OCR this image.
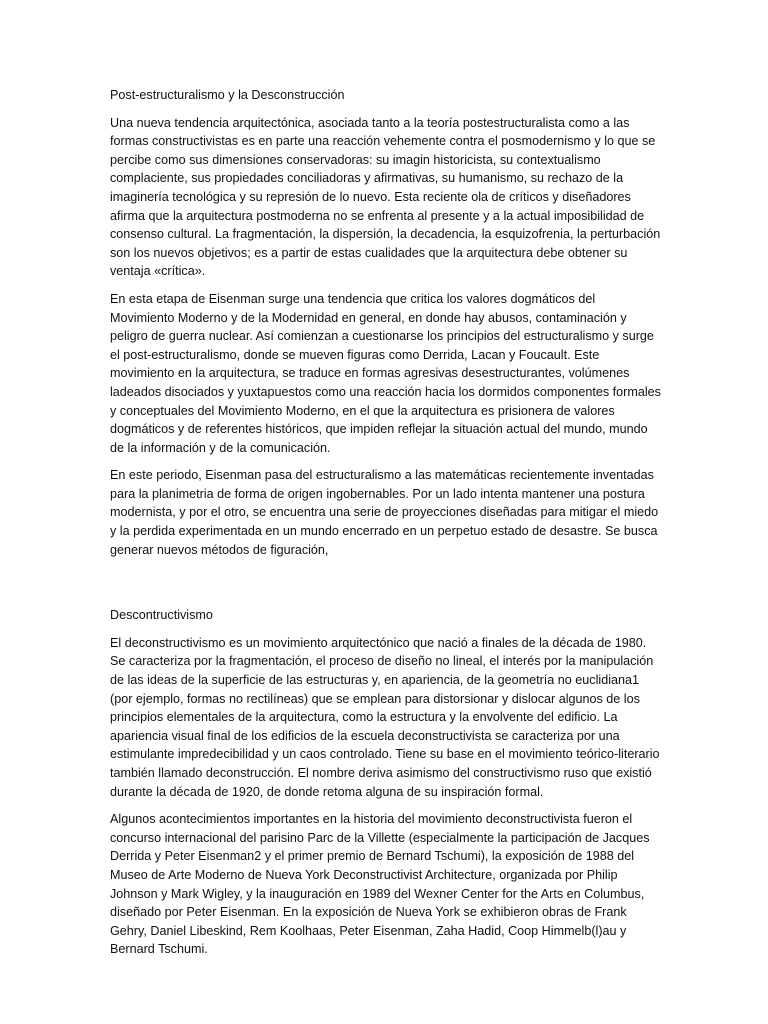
Post-estructuralismo y la Desconstrucción

Una nueva tendencia arquitectónica, asociada tanto a la teoría postestructuralista como a las formas constructivistas es en parte una reacción vehemente contra el posmodernismo y lo que se percibe como sus dimensiones conservadoras: su imagin historicista, su contextualismo complaciente, sus propiedades conciliadoras y afirmativas, su humanismo, su rechazo de la imaginería tecnológica y su represión de lo nuevo. Esta reciente ola de críticos y diseñadores afirma que la arquitectura postmoderna no se enfrenta al presente y a la actual imposibilidad de consenso cultural. La fragmentación, la dispersión, la decadencia, la esquizofrenia, la perturbación son los nuevos objetivos; es a partir de estas cualidades que la arquitectura debe obtener su ventaja «crítica».

En esta etapa de Eisenman surge una tendencia que critica los valores dogmáticos del Movimiento Moderno y de la Modernidad en general, en donde hay abusos, contaminación y peligro de guerra nuclear. Así comienzan a cuestionarse los principios del estructuralismo y surge el post-estructuralismo, donde se mueven figuras como Derrida, Lacan y Foucault. Este movimiento en la arquitectura, se traduce en formas agresivas desestructurantes, volúmenes ladeados disociados y yuxtapuestos como una reacción hacia los dormidos componentes formales y conceptuales del Movimiento Moderno, en el que la arquitectura es prisionera de valores dogmáticos y de referentes históricos, que impiden reflejar la situación actual del mundo, mundo de la información y de la comunicación.

En este periodo, Eisenman pasa del estructuralismo a las matemáticas recientemente inventadas para la planimetria de forma de origen ingobernables. Por un lado intenta mantener una postura modernista, y por el otro, se encuentra una serie de proyecciones diseñadas para mitigar el miedo y la perdida experimentada en un mundo encerrado en un perpetuo estado de desastre. Se busca generar nuevos métodos de figuración,

Descontructivismo

El deconstructivismo es un movimiento arquitectónico que nació a finales de la década de 1980. Se caracteriza por la fragmentación, el proceso de diseño no lineal, el interés por la manipulación de las ideas de la superficie de las estructuras y, en apariencia, de la geometría no euclidiana1 (por ejemplo, formas no rectilíneas) que se emplean para distorsionar y dislocar algunos de los principios elementales de la arquitectura, como la estructura y la envolvente del edificio. La apariencia visual final de los edificios de la escuela deconstructivista se caracteriza por una estimulante impredecibilidad y un caos controlado. Tiene su base en el movimiento teórico-literario también llamado deconstrucción. El nombre deriva asimismo del constructivismo ruso que existió durante la década de 1920, de donde retoma alguna de su inspiración formal.

Algunos acontecimientos importantes en la historia del movimiento deconstructivista fueron el concurso internacional del parisino Parc de la Villette (especialmente la participación de Jacques Derrida y Peter Eisenman2 y el primer premio de Bernard Tschumi), la exposición de 1988 del Museo de Arte Moderno de Nueva York Deconstructivist Architecture, organizada por Philip Johnson y Mark Wigley, y la inauguración en 1989 del Wexner Center for the Arts en Columbus, diseñado por Peter Eisenman. En la exposición de Nueva York se exhibieron obras de Frank Gehry, Daniel Libeskind, Rem Koolhaas, Peter Eisenman, Zaha Hadid, Coop Himmelb(l)au y Bernard Tschumi.
